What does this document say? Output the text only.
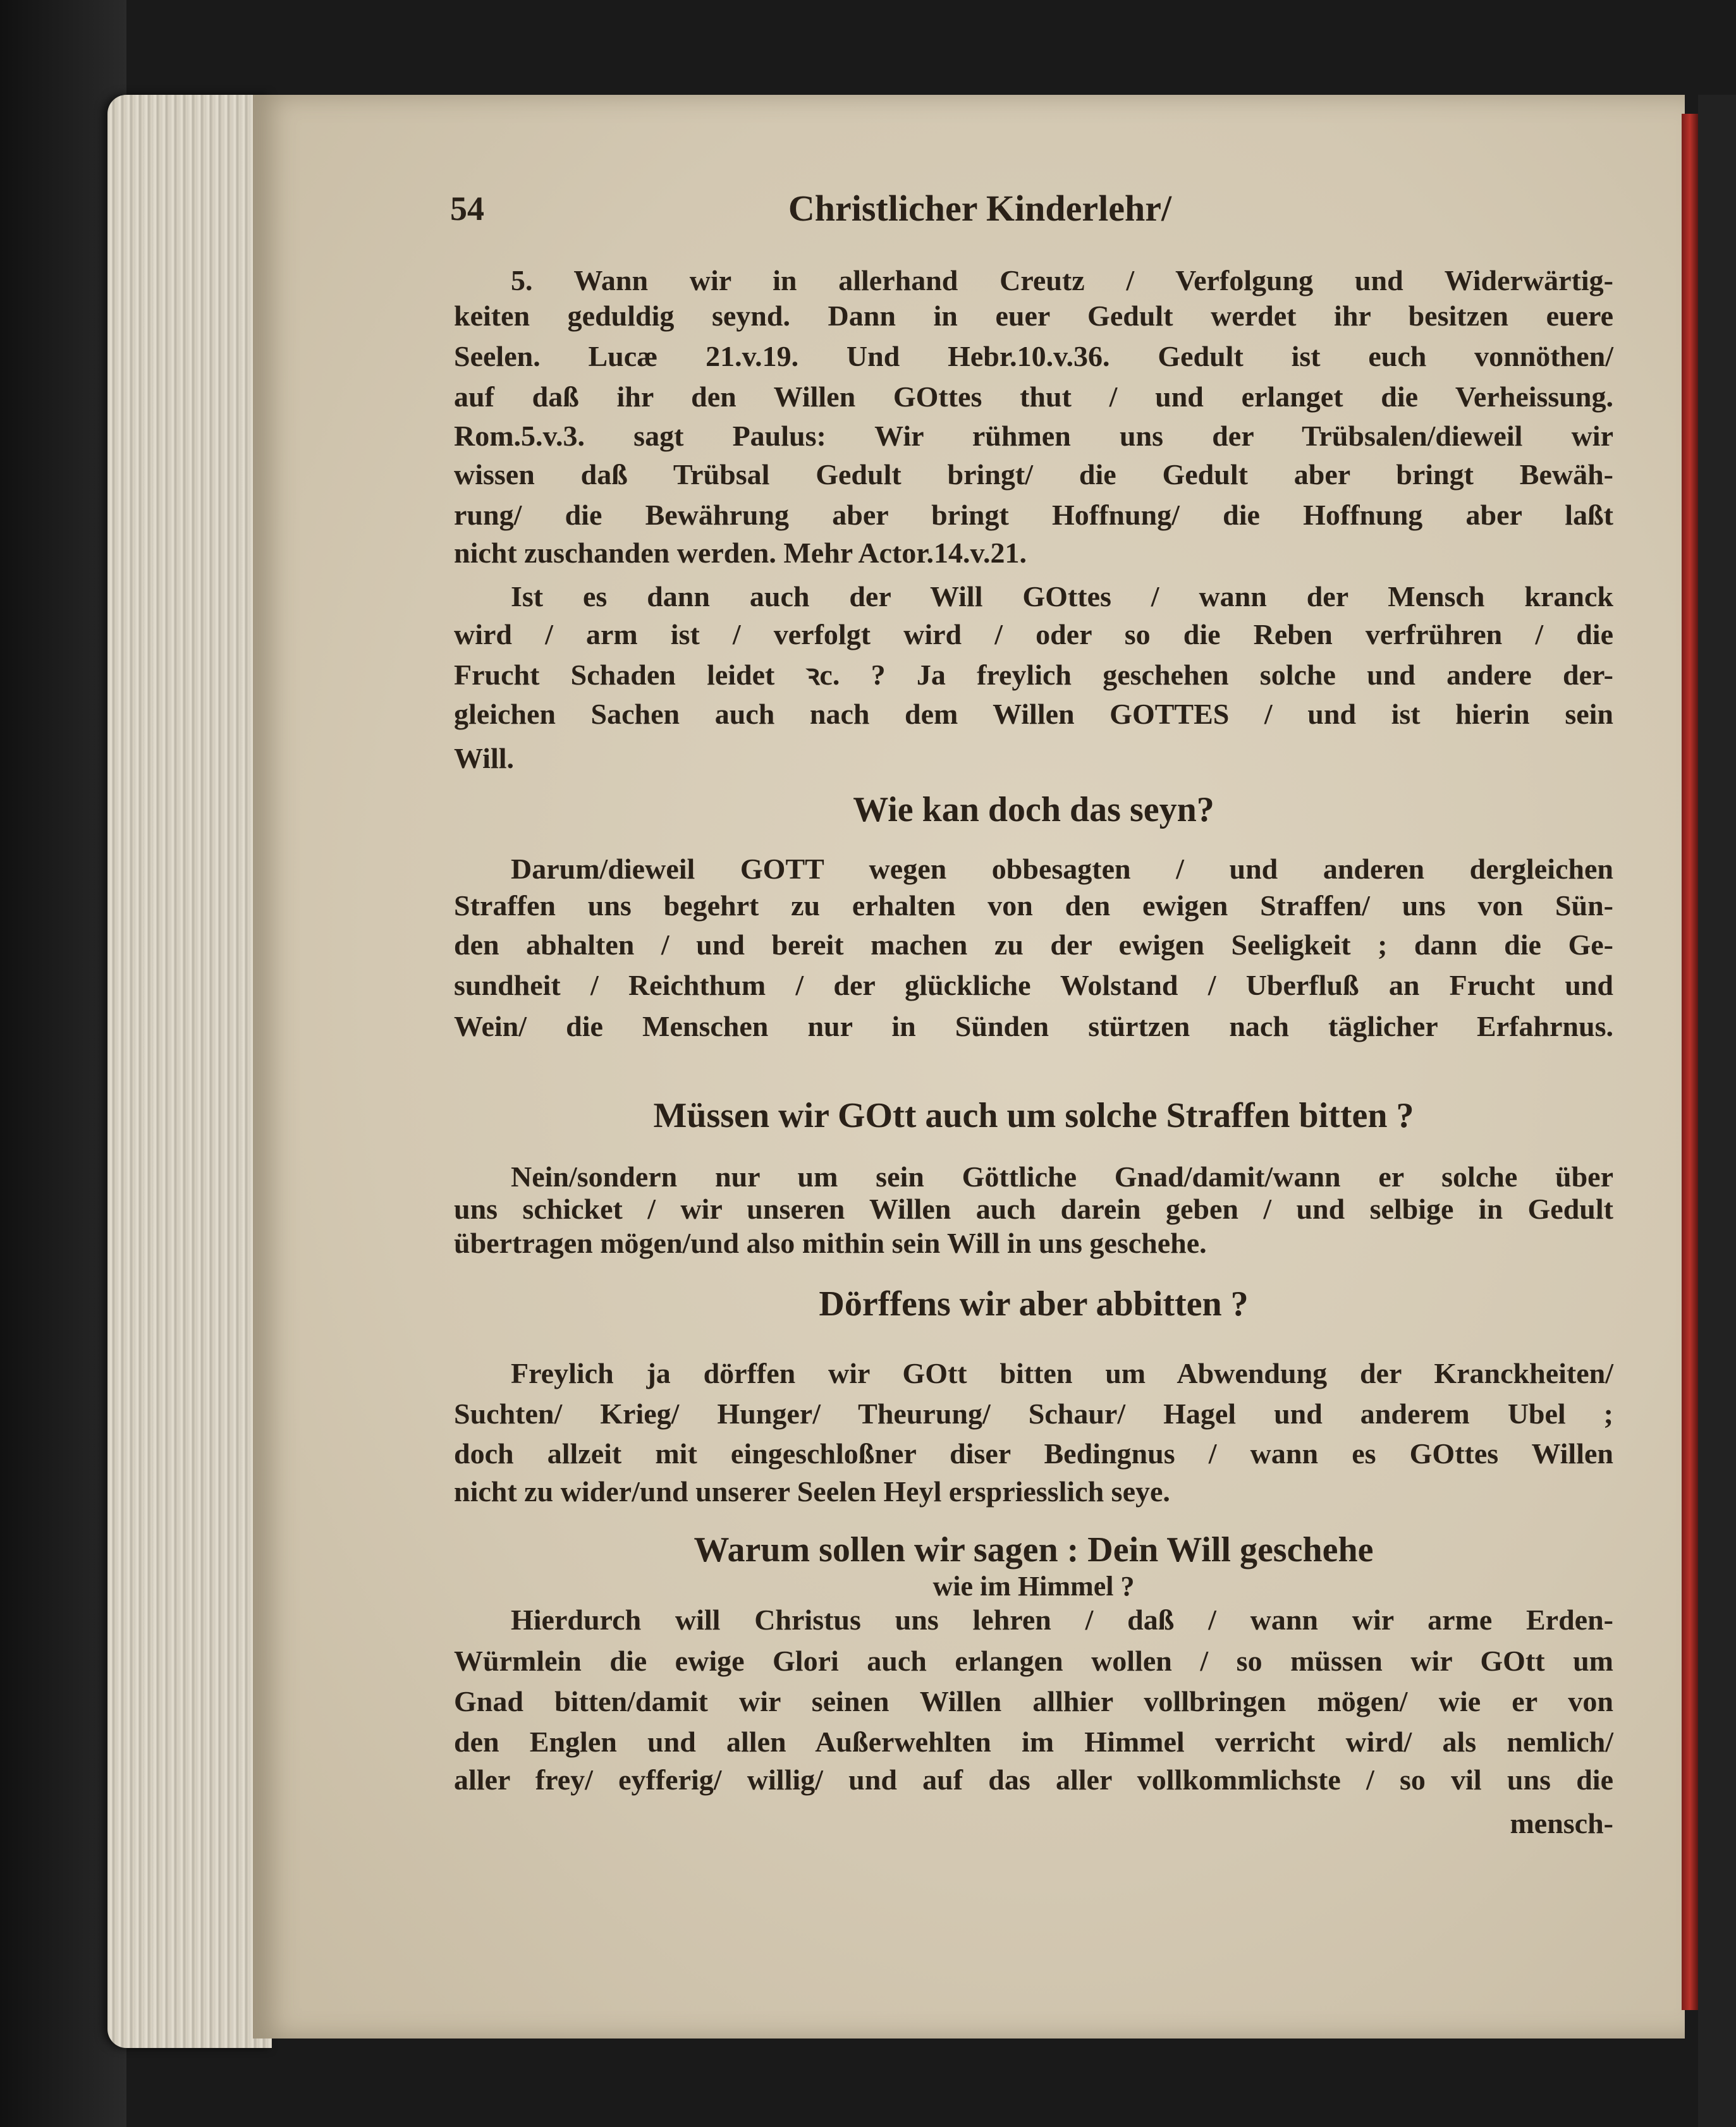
54	Christlicher Kinderlehr/
5. Wann wir in allerhand Creutz / Verfolgung und Widerwärtig-
keiten geduldig seynd. Dann in euer Gedult werdet ihr besitzen euere
Seelen. Lucæ 21.v.19. Und Hebr.10.v.36. Gedult ist euch vonnöthen/
auf daß ihr den Willen GOttes thut / und erlanget die Verheissung.
Rom.5.v.3. sagt Paulus: Wir rühmen uns der Trübsalen/dieweil wir
wissen daß Trübsal Gedult bringt/ die Gedult aber bringt Bewäh-
rung/ die Bewährung aber bringt Hoffnung/ die Hoffnung aber laßt
nicht zuschanden werden. Mehr Actor.14.v.21.
Ist es dann auch der Will GOttes / wann der Mensch kranck
wird / arm ist / verfolgt wird / oder so die Reben verfrühren / die
Frucht Schaden leidet ꝛc. ? Ja freylich geschehen solche und andere der-
gleichen Sachen auch nach dem Willen GOTTES / und ist hierin sein
Will.
Wie kan doch das seyn?
Darum/dieweil GOTT wegen obbesagten / und anderen dergleichen
Straffen uns begehrt zu erhalten von den ewigen Straffen/ uns von Sün-
den abhalten / und bereit machen zu der ewigen Seeligkeit ; dann die Ge-
sundheit / Reichthum / der glückliche Wolstand / Uberfluß an Frucht und
Wein/ die Menschen nur in Sünden stürtzen nach täglicher Erfahrnus.
Müssen wir GOtt auch um solche Straffen bitten ?
Nein/sondern nur um sein Göttliche Gnad/damit/wann er solche über
uns schicket / wir unseren Willen auch darein geben / und selbige in Gedult
übertragen mögen/und also mithin sein Will in uns geschehe.
Dörffens wir aber abbitten ?
Freylich ja dörffen wir GOtt bitten um Abwendung der Kranckheiten/
Suchten/ Krieg/ Hunger/ Theurung/ Schaur/ Hagel und anderem Ubel ;
doch allzeit mit eingeschloßner diser Bedingnus / wann es GOttes Willen
nicht zu wider/und unserer Seelen Heyl erspriesslich seye.
Warum sollen wir sagen : Dein Will geschehe
wie im Himmel ?
Hierdurch will Christus uns lehren / daß / wann wir arme Erden-
Würmlein die ewige Glori auch erlangen wollen / so müssen wir GOtt um
Gnad bitten/damit wir seinen Willen allhier vollbringen mögen/ wie er von
den Englen und allen Außerwehlten im Himmel verricht wird/ als nemlich/
aller frey/ eyfferig/ willig/ und auf das aller vollkommlichste / so vil uns die
mensch-
